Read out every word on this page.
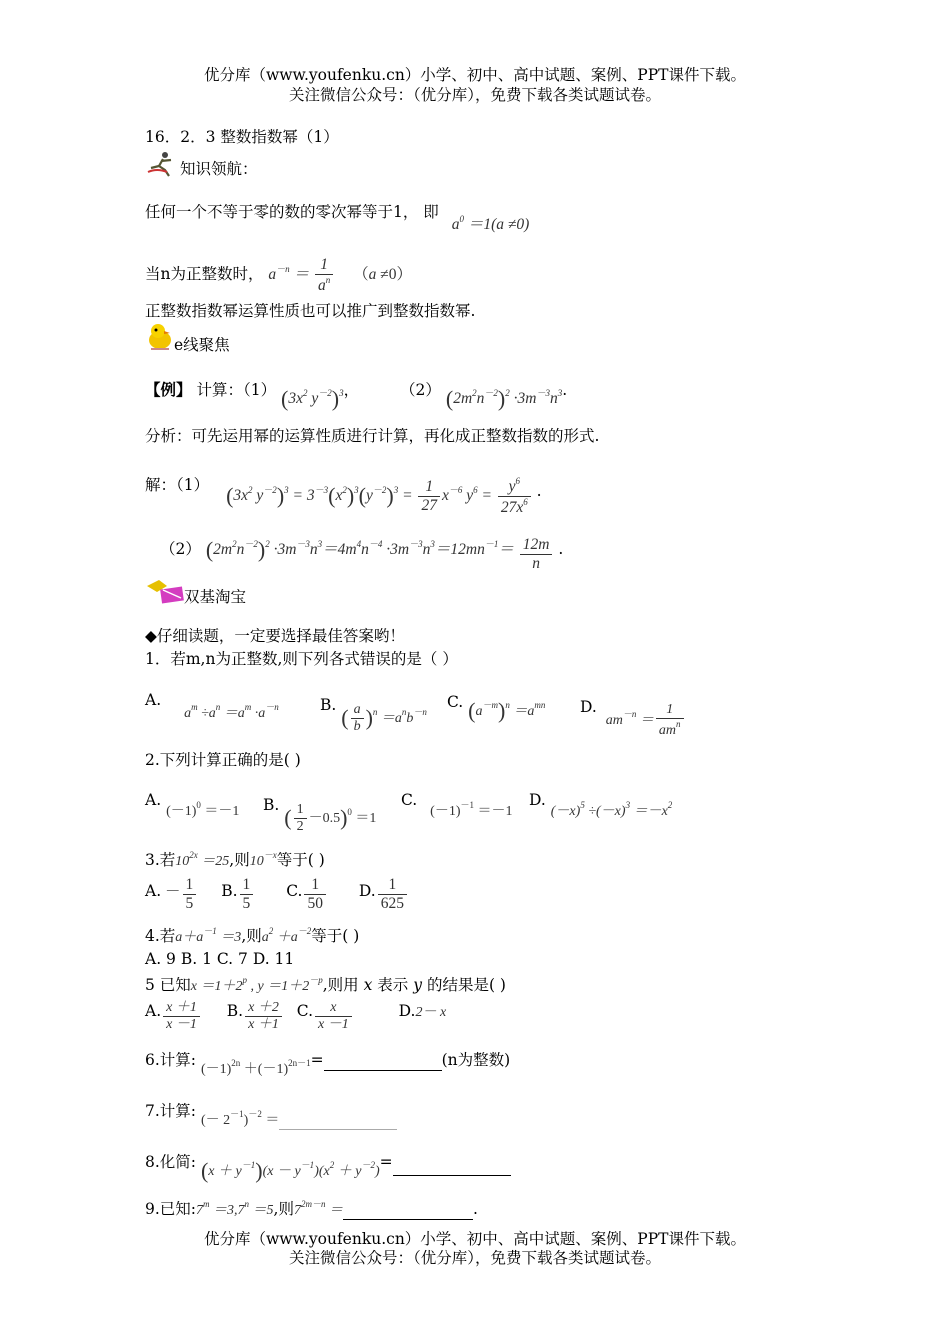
优分库（www.youfenku.cn）小学、初中、高中试题、案例、PPT课件下载。
关注微信公众号：（优分库），免费下载各类试题试卷。
16．2．3 整数指数幂（1）
知识领航：
任何一个不等于零的数的零次幂等于1， 即 $a^0 =1(a \ne 0)$
当n为正整数时， $a^{-n} = \frac{1}{a^n} (a \ne 0)$
正整数指数幂运算性质也可以推广到整数指数幂.
e线聚焦
【例】 计算：（1） ($3x^2$ $y^{-2})^3$，	（2） $(2m^2n^{-2})^2 \cdot 3m^{-3}n^3$.
分析：可先运用幂的运算性质进行计算，再化成正整数指数的形式.
解：（1） ($3x^2$ $y^{-2})^3 = 3^{-3}(x^2)^3(y^{-2})^3 = \frac{1}{27} x^{-6}$ $y^6 = \frac{y^6}{27x^6}$ .
（2） $(2m^2n^{-2})^2 \cdot 3m^{-3}n^3=4m^4n^{-4} \cdot 3m^{-3}n^3=12mn^{-1}= \frac{12m}{n}$ .
双基淘宝
◆仔细读题，一定要选择最佳答案哟！
1．若m,n为正整数,则下列各式错误的是（ ）
A. $a^m \div a^n =a^m \cdot a^{-n}$	B. ( $\frac{a}{b} )^n =a^nb^{-n}$
C. $(a^{-m})^n =a^{mn}$ D. $am^{-n} = \frac{1}{am^n}$
2.下列计算正确的是( )
A. $(-1)^0 =-1$ B. ( $\frac{1}{2} -0.5)^0 =1$
C. $(-1)^{-1} =-1$
D. $(-x)^5 \div(-x)^3 =-x^2$
3.若$10^{2x} =25$,则$10^{-x}$等于( )
A. － $\frac{1}{5} B$. $\frac{1}{5} C$. $\frac{1}{50} D$. $\frac{1}{625}$
4.若$a+a^{-1} =3$,则$a^2 +a^{-2}$等于( )
A. 9 B. 1 C. 7 D. 11
5 已知$x =1+2^p$ , $y =1+2^{-p}$,则用 x 表示 y 的结果是( )
A. $\frac{x +1}{x -1} B$. $\frac{x +2}{x +1} C$. $\frac{x}{x -1}$	D.2－ x
6.计算: $(-1)^{2n} +(-1)^{2n-1}=$	(n为整数)
7.计算: (－ $2^{-1})^{-2}$ ＝
8.化简: $(x + y^{-1})(x - y^{-1})(x^2 + y^{-2})=$
9.已知$:7^m =3,7^n =5$,则$7^{2m-n}$ ＝	.
优分库（www.youfenku.cn）小学、初中、高中试题、案例、PPT课件下载。
关注微信公众号：（优分库），免费下载各类试题试卷。
